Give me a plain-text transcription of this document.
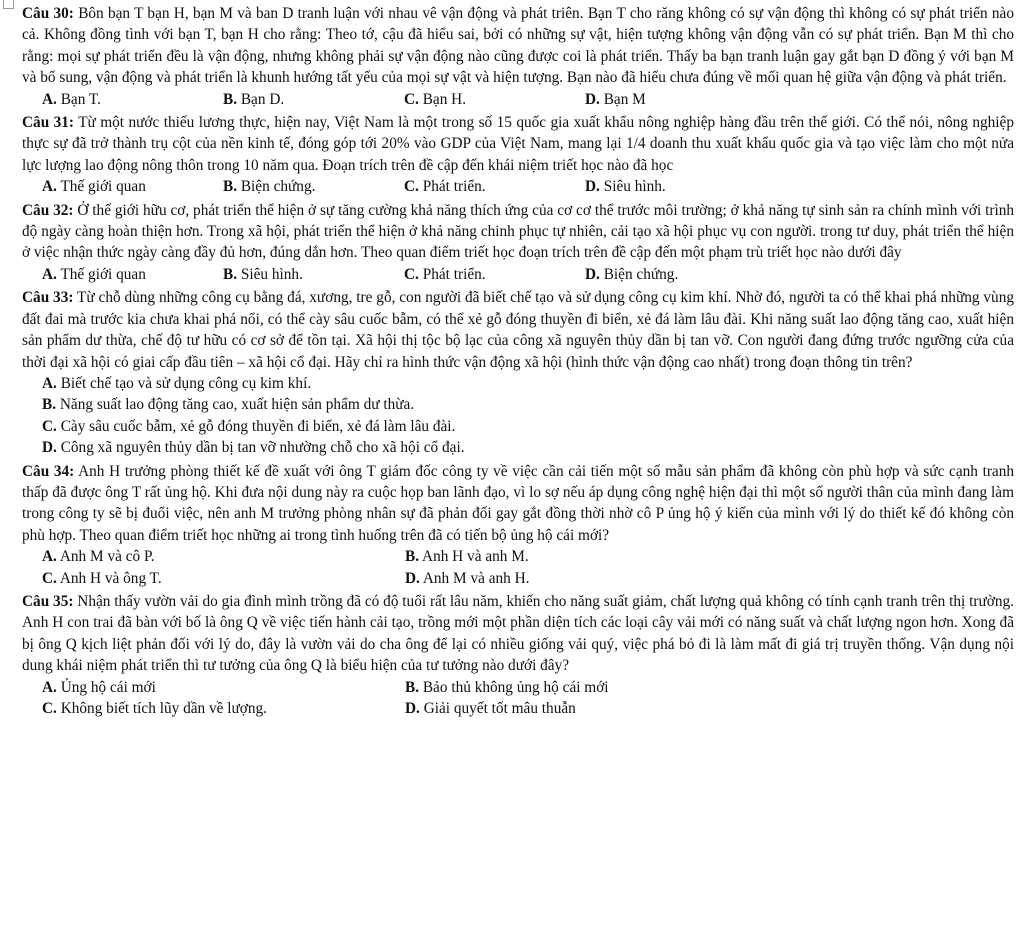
Câu 30: Bôn bạn T bạn H, bạn M và ban D tranh luận với nhau vê vận động và phát triên. Bạn T cho răng không có sự vận động thì không có sự phát triển nào cả. Không đồng tình với bạn T, bạn H cho rằng: Theo tớ, cậu đã hiểu sai, bởi có những sự vật, hiện tượng không vận động vẫn có sự phát triển. Bạn M thì cho rằng: mọi sự phát triển đều là vận động, nhưng không phải sự vận động nào cũng được coi là phát triển. Thấy ba bạn tranh luận gay gắt bạn D đồng ý với bạn M và bổ sung, vận động và phát triển là khunh hướng tất yếu của mọi sự vật và hiện tượng. Bạn nào đã hiểu chưa đúng về mối quan hệ giữa vận động và phát triển.

A. Bạn T.	B. Bạn D.	C. Bạn H.	D. Bạn M

Câu 31: Từ một nước thiếu lương thực, hiện nay, Việt Nam là một trong số 15 quốc gia xuất khẩu nông nghiệp hàng đầu trên thế giới. Có thể nói, nông nghiệp thực sự đã trở thành trụ cột của nền kinh tế, đóng góp tới 20% vào GDP của Việt Nam, mang lại 1/4 doanh thu xuất khẩu quốc gia và tạo việc làm cho một nửa lực lượng lao động nông thôn trong 10 năm qua. Đoạn trích trên đề cập đến khái niệm triết học nào đã học

A. Thế giới quan	B. Biện chứng.	C. Phát triển.	D. Siêu hình.

Câu 32: Ở thế giới hữu cơ, phát triển thể hiện ở sự tăng cường khả năng thích ứng của cơ cơ thể trước môi trường; ở khả năng tự sinh sản ra chính mình với trình độ ngày càng hoàn thiện hơn. Trong xã hội, phát triển thể hiện ở khả năng chinh phục tự nhiên, cải tạo xã hội phục vụ con người. trong tư duy, phát triển thể hiện ở việc nhận thức ngày càng đầy đủ hơn, đúng dắn hơn. Theo quan điểm triết học đoạn trích trên đề cập đến một phạm trù triết học nào dưới đây

A. Thế giới quan	B. Siêu hình.	C. Phát triển.	D. Biện chứng.

Câu 33: Từ chỗ dùng những công cụ bằng đá, xương, tre gỗ, con người đã biết chế tạo và sử dụng công cụ kim khí. Nhờ đó, người ta có thể khai phá những vùng đất đai mà trước kia chưa khai phá nổi, có thể cày sâu cuốc bẫm, có thể xẻ gỗ đóng thuyền đi biển, xẻ đá làm lâu đài. Khi năng suất lao động tăng cao, xuất hiện sản phẩm dư thừa, chế độ tư hữu có cơ sở để tồn tại. Xã hội thị tộc bộ lạc của công xã nguyên thủy dần bị tan vỡ. Con người đang đứng trước ngưỡng cửa của thời đại xã hội có giai cấp đầu tiên – xã hội cổ đại. Hãy chỉ ra hình thức vận động xã hội (hình thức vận động cao nhất) trong đoạn thông tin trên?

A. Biết chế tạo và sử dụng công cụ kim khí.
B. Năng suất lao động tăng cao, xuất hiện sản phẩm dư thừa.
C. Cày sâu cuốc bẫm, xẻ gỗ đóng thuyền đi biển, xẻ đá làm lâu đài.
D. Công xã nguyên thủy dần bị tan vỡ nhường chỗ cho xã hội cổ đại.

Câu 34: Anh H trưởng phòng thiết kế đề xuất với ông T giám đốc công ty về việc cần cải tiến một số mẫu sản phẩm đã không còn phù hợp và sức cạnh tranh thấp đã được ông T rất ủng hộ. Khi đưa nội dung này ra cuộc họp ban lãnh đạo, vì lo sợ nếu áp dụng công nghệ hiện đại thì một số người thân của mình đang làm trong công ty sẽ bị đuổi việc, nên anh M trưởng phòng nhân sự đã phản đối gay gắt đồng thời nhờ cô P ủng hộ ý kiến của mình với lý do thiết kế đó không còn phù hợp. Theo quan điểm triết học những ai trong tình huống trên đã có tiến bộ ủng hộ cái mới?

A. Anh M và cô P.	B. Anh H và anh M.
C. Anh H và ông T.	D. Anh M và anh H.

Câu 35: Nhận thấy vườn vải do gia đình mình trồng đã có độ tuổi rất lâu năm, khiến cho năng suất giảm, chất lượng quả không có tính cạnh tranh trên thị trường. Anh H con trai đã bàn với bố là ông Q về việc tiến hành cải tạo, trồng mới một phần diện tích các loại cây vải mới có năng suất và chất lượng ngon hơn. Xong đã bị ông Q kịch liệt phản đối với lý do, đây là vườn vải do cha ông để lại có nhiều giống vải quý, việc phá bỏ đi là làm mất đi giá trị truyền thống. Vận dụng nội dung khái niệm phát triển thì tư tưởng của ông Q là biểu hiện của tư tưởng nào dưới đây?

A. Ủng hộ cái mới	B. Bảo thủ không ủng hộ cái mới
C. Không biết tích lũy dần về lượng.	D. Giải quyết tốt mâu thuẫn
